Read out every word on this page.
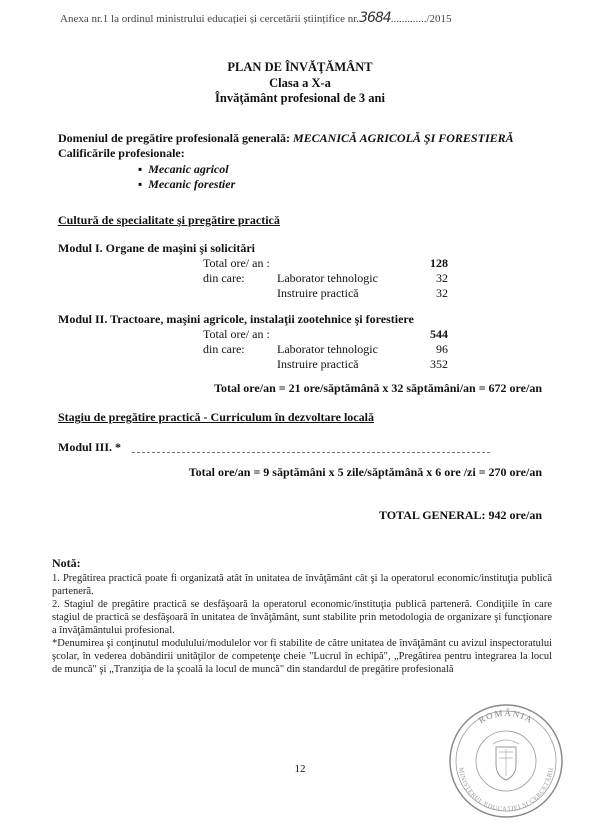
Anexa nr.1 la ordinul ministrului educației și cercetării științifice nr.3684............./2015
PLAN DE ÎNVĂŢĂMÂNT
Clasa a X-a
Învăţământ profesional de 3 ani
Domeniul de pregătire profesională generală: MECANICĂ AGRICOLĂ ŞI FORESTIERĂ
Calificările profesionale:
▪  Mecanic agricol
▪  Mecanic forestier
Cultură de specialitate şi pregătire practică
Modul I. Organe de maşini şi solicitări
Total ore/ an :	128
din care:	Laborator tehnologic	32
Instruire practică	32
Modul II. Tractoare, maşini agricole, instalaţii zootehnice şi forestiere
Total ore/ an :	544
din care:	Laborator tehnologic	96
Instruire practică	352
Total ore/an = 21 ore/săptămână x 32 săptămâni/an = 672 ore/an
Stagiu de pregătire practică - Curriculum în dezvoltare locală
Modul III. *
Total ore/an = 9 săptămâni x 5 zile/săptămână x 6 ore /zi = 270 ore/an
TOTAL GENERAL: 942 ore/an
Notă:

1. Pregătirea practică poate fi organizată atât în unitatea de învăţământ cât şi la operatorul economic/instituţia publică parteneră.

2. Stagiul de pregătire practică se desfăşoară la operatorul economic/instituţia publică parteneră. Condiţiile în care stagiul de practică se desfăşoară în unitatea de învăţământ, sunt stabilite prin metodologia de organizare şi funcţionare a învăţământului profesional.

*Denumirea şi conţinutul modulului/modulelor vor fi stabilite de către unitatea de învăţământ cu avizul inspectoratului şcolar, în vederea dobândirii unităţilor de competenţe cheie "Lucrul în echipă", „Pregătirea pentru integrarea la locul de muncă" şi „Tranziţia de la şcoală la locul de muncă" din standardul de pregătire profesională

12
ROMÂNIA
MINISTERUL EDUCAȚIEI ȘI CERCETĂRII
